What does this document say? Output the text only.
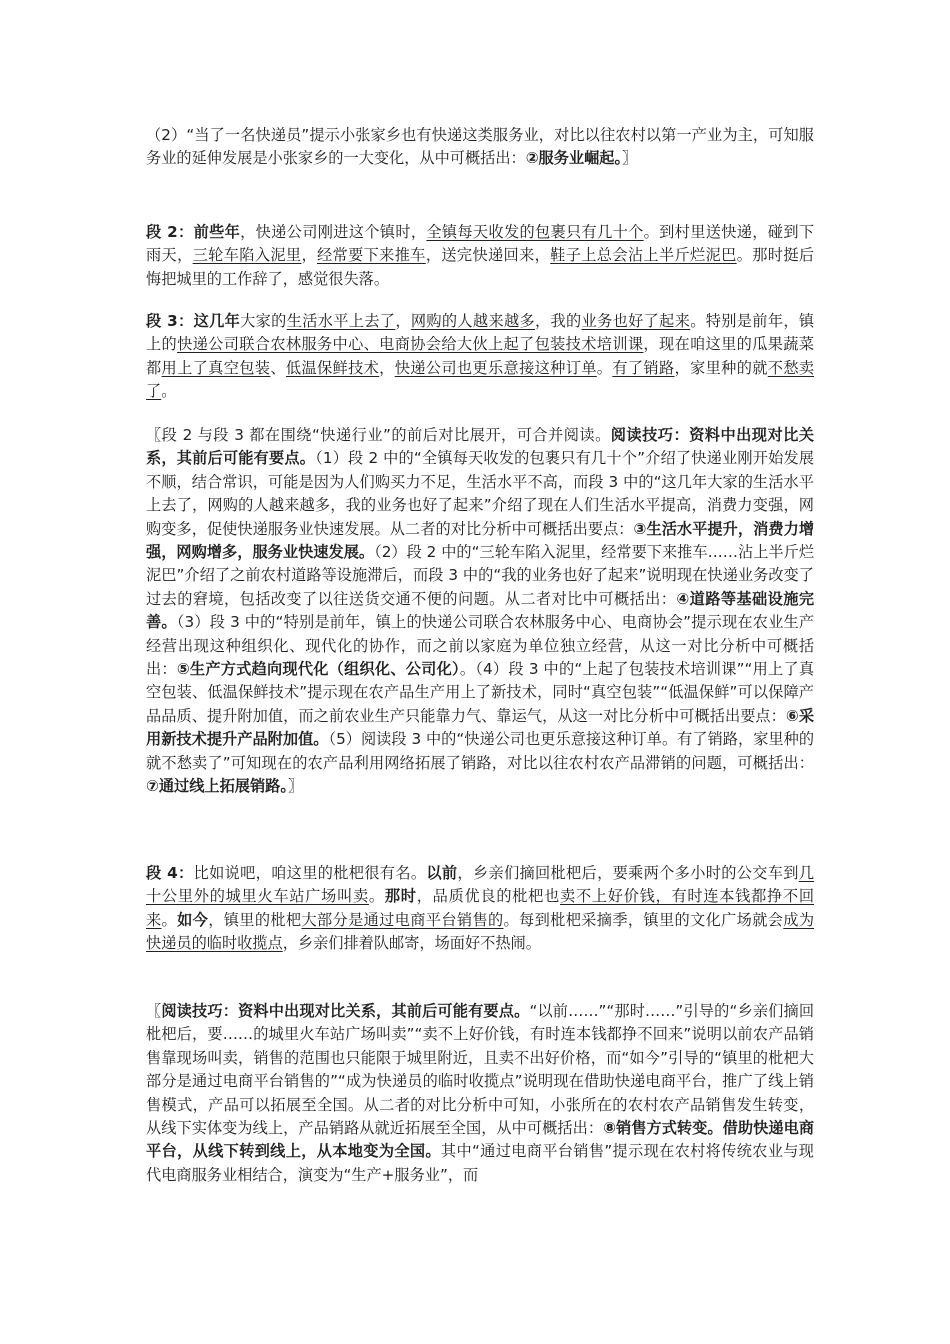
（2）“当了一名快递员”提示小张家乡也有快递这类服务业，对比以往农村以第一产业为主，可知服务业的延伸发展是小张家乡的一大变化，从中可概括出：②服务业崛起。〗

段 2：前些年，快递公司刚进这个镇时，全镇每天收发的包裹只有几十个。到村里送快递，碰到下雨天，三轮车陷入泥里，经常要下来推车，送完快递回来，鞋子上总会沾上半斤烂泥巴。那时挺后悔把城里的工作辞了，感觉很失落。

段 3：这几年大家的生活水平上去了，网购的人越来越多，我的业务也好了起来。特别是前年，镇上的快递公司联合农林服务中心、电商协会给大伙上起了包装技术培训课，现在咱这里的瓜果蔬菜都用上了真空包装、低温保鲜技术，快递公司也更乐意接这种订单。有了销路，家里种的就不愁卖了。

〖段 2 与段 3 都在围绕“快递行业”的前后对比展开，可合并阅读。阅读技巧：资料中出现对比关系，其前后可能有要点。（1）段 2 中的“全镇每天收发的包裹只有几十个”介绍了快递业刚开始发展不顺，结合常识，可能是因为人们购买力不足，生活水平不高，而段 3 中的“这几年大家的生活水平上去了，网购的人越来越多，我的业务也好了起来”介绍了现在人们生活水平提高，消费力变强，网购变多，促使快递服务业快速发展。从二者的对比分析中可概括出要点：③生活水平提升，消费力增强，网购增多，服务业快速发展。（2）段 2 中的“三轮车陷入泥里，经常要下来推车……沾上半斤烂泥巴”介绍了之前农村道路等设施滞后，而段 3 中的“我的业务也好了起来”说明现在快递业务改变了过去的窘境，包括改变了以往送货交通不便的问题。从二者对比中可概括出：④道路等基础设施完善。（3）段 3 中的“特别是前年，镇上的快递公司联合农林服务中心、电商协会”提示现在农业生产经营出现这种组织化、现代化的协作，而之前以家庭为单位独立经营，从这一对比分析中可概括出：⑤生产方式趋向现代化（组织化、公司化）。（4）段 3 中的“上起了包装技术培训课”“用上了真空包装、低温保鲜技术”提示现在农产品生产用上了新技术，同时“真空包装”“低温保鲜”可以保障产品品质、提升附加值，而之前农业生产只能靠力气、靠运气，从这一对比分析中可概括出要点：⑥采用新技术提升产品附加值。（5）阅读段 3 中的“快递公司也更乐意接这种订单。有了销路，家里种的就不愁卖了”可知现在的农产品利用网络拓展了销路，对比以往农村农产品滞销的问题，可概括出：⑦通过线上拓展销路。〗

段 4：比如说吧，咱这里的枇杷很有名。以前，乡亲们摘回枇杷后，要乘两个多小时的公交车到几十公里外的城里火车站广场叫卖。那时，品质优良的枇杷也卖不上好价钱，有时连本钱都挣不回来。如今，镇里的枇杷大部分是通过电商平台销售的。每到枇杷采摘季，镇里的文化广场就会成为快递员的临时收揽点，乡亲们排着队邮寄，场面好不热闹。

〖阅读技巧：资料中出现对比关系，其前后可能有要点。“以前……”“那时……”引导的“乡亲们摘回枇杷后，要……的城里火车站广场叫卖”“卖不上好价钱，有时连本钱都挣不回来”说明以前农产品销售靠现场叫卖，销售的范围也只能限于城里附近，且卖不出好价格，而“如今”引导的“镇里的枇杷大部分是通过电商平台销售的”“成为快递员的临时收揽点”说明现在借助快递电商平台，推广了线上销售模式，产品可以拓展至全国。从二者的对比分析中可知，小张所在的农村农产品销售发生转变，从线下实体变为线上，产品销路从就近拓展至全国，从中可概括出：⑧销售方式转变。借助快递电商平台，从线下转到线上，从本地变为全国。其中“通过电商平台销售”提示现在农村将传统农业与现代电商服务业相结合，演变为“生产+服务业”，而
